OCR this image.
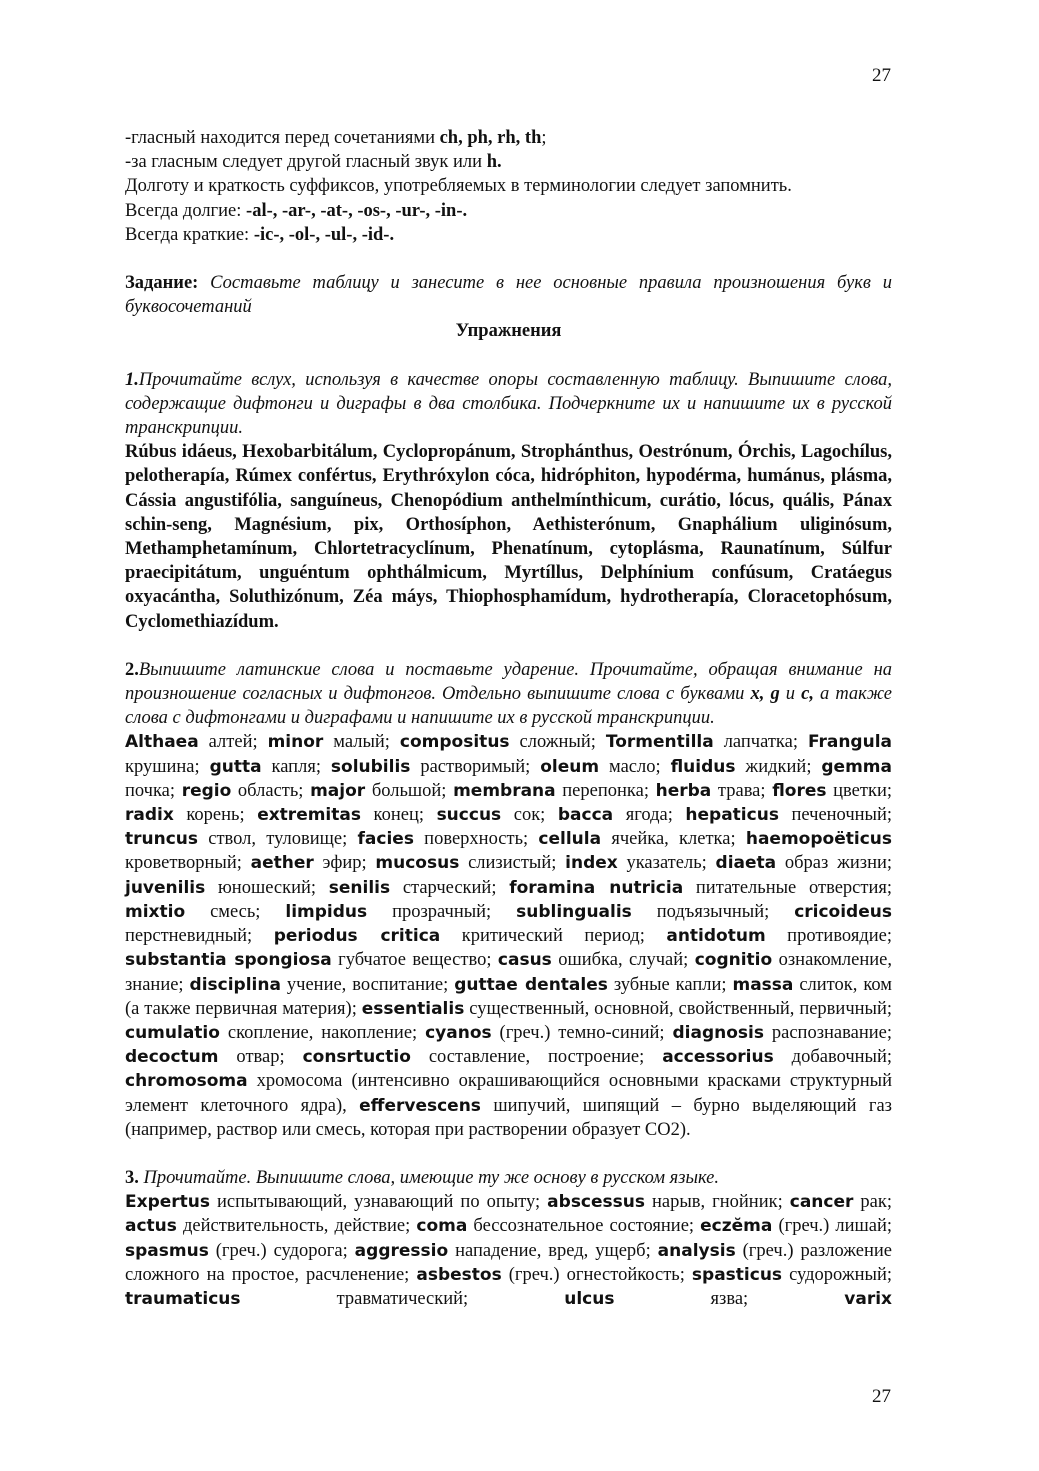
27

-гласный находится перед сочетаниями ch, ph, rh, th;

-за гласным следует другой гласный звук или h.

Долготу и краткость суффиксов, употребляемых в терминологии следует запомнить.

Всегда долгие: -al-, -ar-, -at-, -os-, -ur-, -in-.

Всегда краткие: -ic-, -ol-, -ul-, -id-.

Задание: Составьте таблицу и занесите в нее основные правила произношения букв и буквосочетаний

Упражнения

1.Прочитайте вслух, используя в качестве опоры составленную таблицу. Выпишите слова, содержащие дифтонги и диграфы в два столбика. Подчеркните их и напишите их в русской транскрипции.

Rúbus idáeus, Hexobarbitálum, Cyclopropánum, Strophánthus, Oestrónum, Órchis, Lagochílus, pelotherapía, Rúmex confértus, Erythróxylon cóca, hidróphiton, hypodérma, humánus, plásma, Cássia angustifólia, sanguíneus, Chenopódium anthelmínthicum, curátio, lócus, quális, Pánax schin-seng, Magnésium, pix, Orthosíphon, Aethisterónum, Gnaphálium uliginósum, Methamphetamínum, Chlortetracyclínum, Phenatínum, cytoplásma, Raunatínum, Súlfur praecipitátum, unguéntum ophthálmicum, Myrtíllus, Delphínium confúsum, Cratáegus oxyacántha, Soluthizónum, Zéa máys, Thiophosphamídum, hydrotherapía, Cloracetophósum, Cyclomethiazídum.

2.Выпишите латинские слова и поставьте ударение. Прочитайте, обращая внимание на произношение согласных и дифтонгов. Отдельно выпишите слова с буквами x, g и c, а также слова с дифтонгами и диграфами и напишите их в русской транскрипции.

Althaea алтей; minor малый; compositus сложный; Tormentilla лапчатка; Frangula крушина; gutta капля; solubilis растворимый; oleum масло; fluidus жидкий; gemma почка; regio область; major большой; membrana перепонка; herba трава; flores цветки; radix корень; extremitas конец; succus сок; bacca ягода; hepaticus печеночный; truncus ствол, туловище; facies поверхность; cellula ячейка, клетка; haemopoëticus кроветворный; aether эфир; mucosus слизистый; index указатель; diaeta образ жизни; juvenilis юношеский; senilis старческий; foramina nutricia питательные отверстия; mixtio смесь; limpidus прозрачный; sublingualis подъязычный; cricoideus перстневидный; periodus critica критический период; antidotum противоядие; substantia spongiosa губчатое вещество; casus ошибка, случай; cognitio ознакомление, знание; disciplina учение, воспитание; guttae dentales зубные капли; massa слиток, ком (а также первичная материя); essentialis существенный, основной, свойственный, первичный; cumulatio скопление, накопление; cyanos (греч.) темно-синий; diagnosis распознавание; decoctum отвар; consrtuctio составление, построение; accessorius добавочный; chromosoma хромосома (интенсивно окрашивающийся основными красками структурный элемент клеточного ядра), effervescens шипучий, шипящий – бурно выделяющий газ (например, раствор или смесь, которая при растворении образует СО2).

3. Прочитайте. Выпишите слова, имеющие ту же основу в русском языке.

Expertus испытывающий, узнавающий по опыту; abscessus нарыв, гнойник; cancer рак; actus действительность, действие; coma бессознательное состояние; eczĕma (греч.) лишай; spasmus (греч.) судорога; aggressio нападение, вред, ущерб; analysis (греч.) разложение сложного на простое, расчленение; asbestos (греч.) огнестойкость; spasticus судорожный; traumaticus травматический; ulcus язва; varix

27
